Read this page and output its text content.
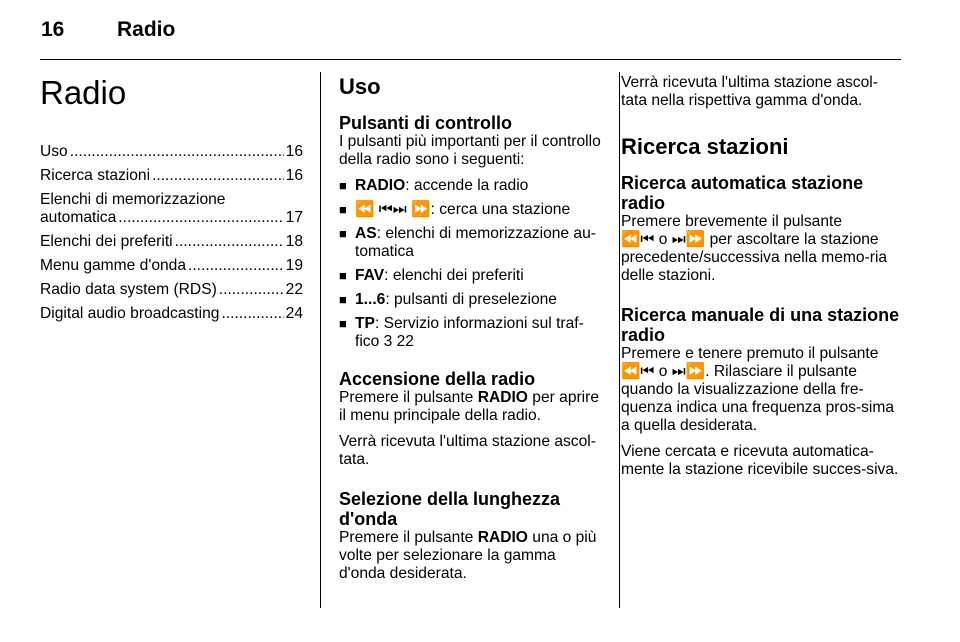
16	Radio
Radio
Uso .....	16
Ricerca stazioni .....	16
Elenchi di memorizzazione
automatica .....	17
Elenchi dei preferiti .....	18
Menu gamme d'onda .....	19
Radio data system (RDS) .....	22
Digital audio broadcasting .....	24
Uso
Pulsanti di controllo

I pulsanti più importanti per il controllo della radio sono i seguenti:

■ RADIO: accende la radio
■ ⏪ ⏮⏭ ⏩: cerca una stazione
■ AS: elenchi di memorizzazione au-tomatica
■ FAV: elenchi dei preferiti
■ 1...6: pulsanti di preselezione
■ TP: Servizio informazioni sul traf-fico 3 22
Accensione della radio

Premere il pulsante RADIO per aprire il menu principale della radio.

Verrà ricevuta l'ultima stazione ascol-tata.

Selezione della lunghezza d'onda

Premere il pulsante RADIO una o più volte per selezionare la gamma d'onda desiderata.

Verrà ricevuta l'ultima stazione ascol-tata nella rispettiva gamma d'onda.

Ricerca stazioni
Ricerca automatica stazione radio

Premere brevemente il pulsante
⏪⏮ o ⏭⏩ per ascoltare la stazione precedente/successiva nella memo-ria delle stazioni.

Ricerca manuale di una stazione radio

Premere e tenere premuto il pulsante
⏪⏮ o ⏭⏩. Rilasciare il pulsante quando la visualizzazione della fre-quenza indica una frequenza pros-sima a quella desiderata.

Viene cercata e ricevuta automatica-mente la stazione ricevibile succes-siva.
